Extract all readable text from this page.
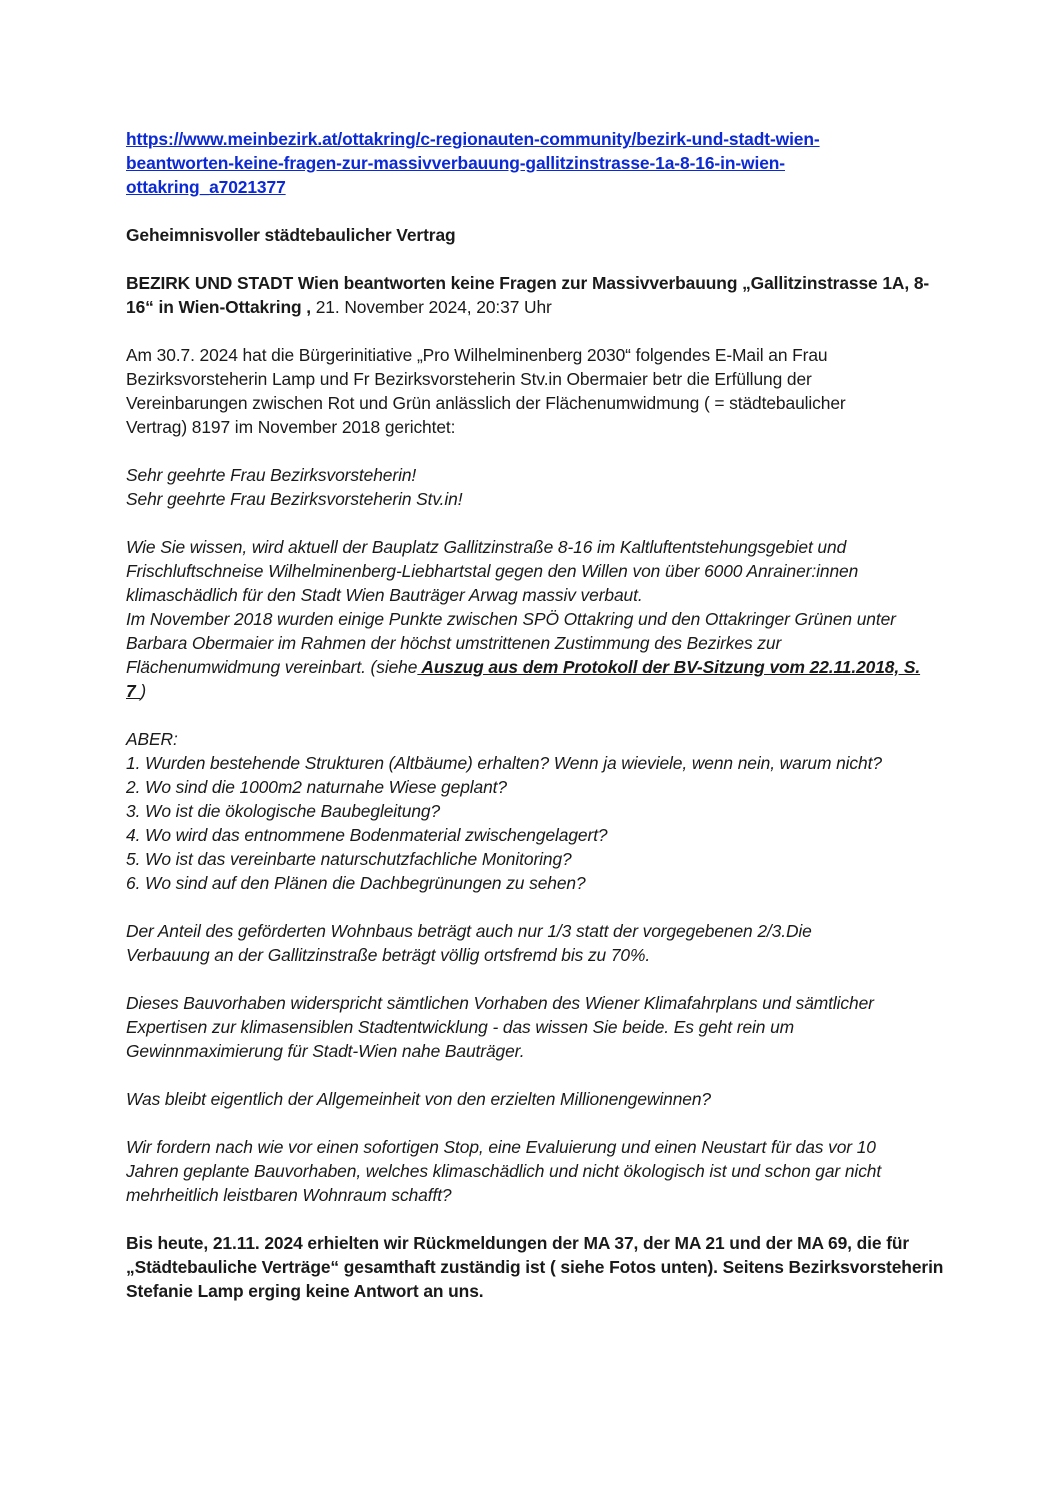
https://www.meinbezirk.at/ottakring/c-regionauten-community/bezirk-und-stadt-wien-
beantworten-keine-fragen-zur-massivverbauung-gallitzinstrasse-1a-8-16-in-wien-
ottakring_a7021377

Geheimnisvoller städtebaulicher Vertrag

BEZIRK UND STADT Wien beantworten keine Fragen zur Massivverbauung „Gallitzinstrasse 1A, 8-
16“ in Wien-Ottakring , 21. November 2024, 20:37 Uhr

Am 30.7. 2024 hat die Bürgerinitiative „Pro Wilhelminenberg 2030“ folgendes E-Mail an Frau
Bezirksvorsteherin Lamp und Fr Bezirksvorsteherin Stv.in Obermaier betr die Erfüllung der
Vereinbarungen zwischen Rot und Grün anlässlich der Flächenumwidmung ( = städtebaulicher
Vertrag) 8197 im November 2018 gerichtet:

Sehr geehrte Frau Bezirksvorsteherin!
Sehr geehrte Frau Bezirksvorsteherin Stv.in!

Wie Sie wissen, wird aktuell der Bauplatz Gallitzinstraße 8-16 im Kaltluftentstehungsgebiet und
Frischluftschneise Wilhelminenberg-Liebhartstal gegen den Willen von über 6000 Anrainer:innen
klimaschädlich für den Stadt Wien Bauträger Arwag massiv verbaut.
Im November 2018 wurden einige Punkte zwischen SPÖ Ottakring und den Ottakringer Grünen unter
Barbara Obermaier im Rahmen der höchst umstrittenen Zustimmung des Bezirkes zur
Flächenumwidmung vereinbart. (siehe Auszug aus dem Protokoll der BV-Sitzung vom 22.11.2018, S.
7 )

ABER:
1. Wurden bestehende Strukturen (Altbäume) erhalten? Wenn ja wieviele, wenn nein, warum nicht?
2. Wo sind die 1000m2 naturnahe Wiese geplant?
3. Wo ist die ökologische Baubegleitung?
4. Wo wird das entnommene Bodenmaterial zwischengelagert?
5. Wo ist das vereinbarte naturschutzfachliche Monitoring?
6. Wo sind auf den Plänen die Dachbegrünungen zu sehen?

Der Anteil des geförderten Wohnbaus beträgt auch nur 1/3 statt der vorgegebenen 2/3.Die
Verbauung an der Gallitzinstraße beträgt völlig ortsfremd bis zu 70%.

Dieses Bauvorhaben widerspricht sämtlichen Vorhaben des Wiener Klimafahrplans und sämtlicher
Expertisen zur klimasensiblen Stadtentwicklung - das wissen Sie beide. Es geht rein um
Gewinnmaximierung für Stadt-Wien nahe Bauträger.

Was bleibt eigentlich der Allgemeinheit von den erzielten Millionengewinnen?

Wir fordern nach wie vor einen sofortigen Stop, eine Evaluierung und einen Neustart für das vor 10
Jahren geplante Bauvorhaben, welches klimaschädlich und nicht ökologisch ist und schon gar nicht
mehrheitlich leistbaren Wohnraum schafft?

Bis heute, 21.11. 2024 erhielten wir Rückmeldungen der MA 37, der MA 21 und der MA 69, die für
„Städtebauliche Verträge“ gesamthaft zuständig ist ( siehe Fotos unten). Seitens Bezirksvorsteherin
Stefanie Lamp erging keine Antwort an uns.
